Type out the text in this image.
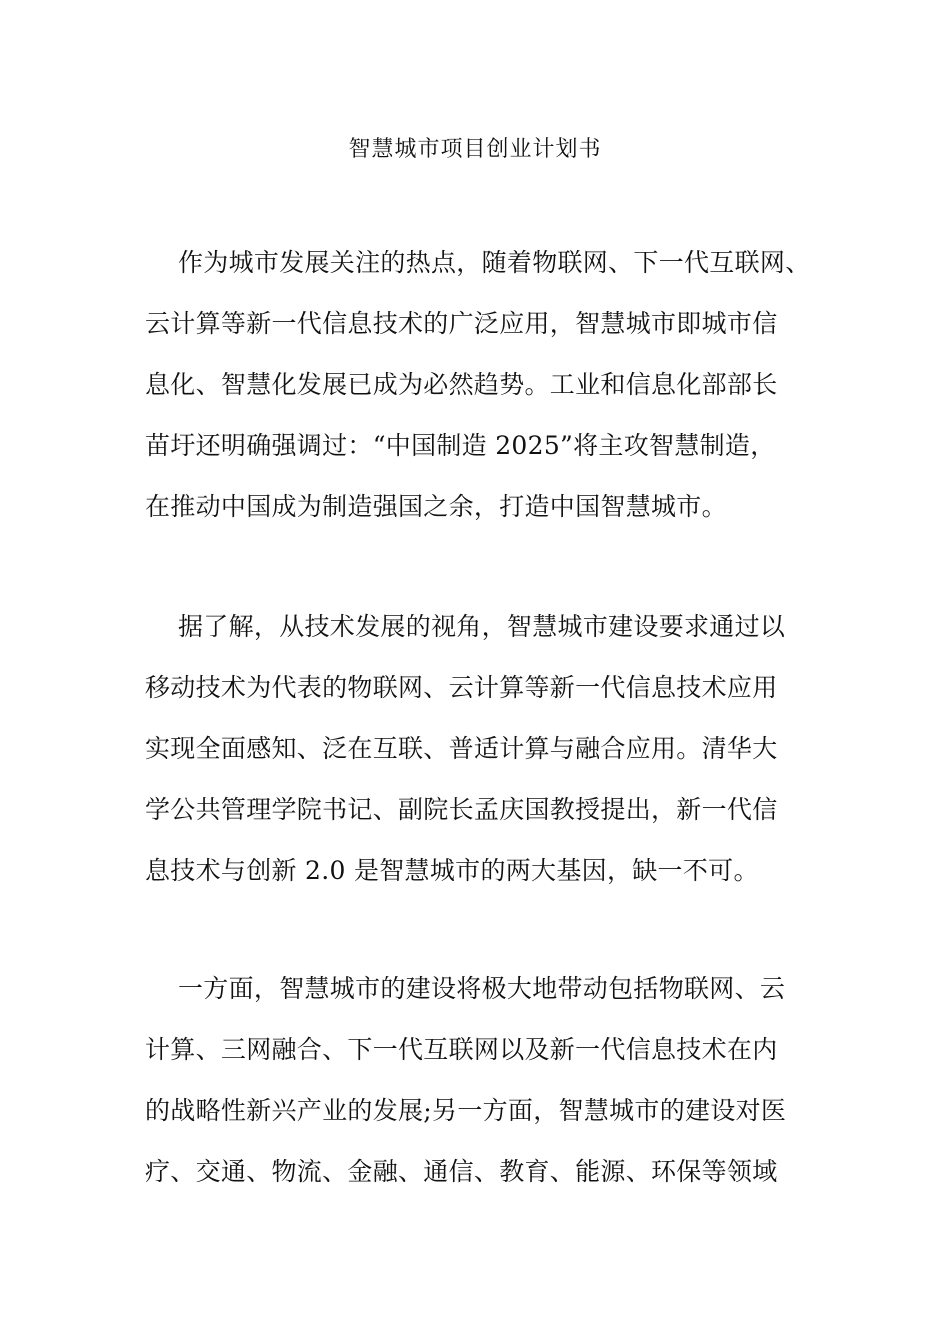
智慧城市项目创业计划书
作为城市发展关注的热点，随着物联网、下一代互联网、
云计算等新一代信息技术的广泛应用，智慧城市即城市信
息化、智慧化发展已成为必然趋势。工业和信息化部部长
苗圩还明确强调过：“中国制造 2025”将主攻智慧制造，
在推动中国成为制造强国之余，打造中国智慧城市。
据了解，从技术发展的视角，智慧城市建设要求通过以
移动技术为代表的物联网、云计算等新一代信息技术应用
实现全面感知、泛在互联、普适计算与融合应用。清华大
学公共管理学院书记、副院长孟庆国教授提出，新一代信
息技术与创新 2.0 是智慧城市的两大基因，缺一不可。
一方面，智慧城市的建设将极大地带动包括物联网、云
计算、三网融合、下一代互联网以及新一代信息技术在内
的战略性新兴产业的发展;另一方面，智慧城市的建设对医
疗、交通、物流、金融、通信、教育、能源、环保等领域
